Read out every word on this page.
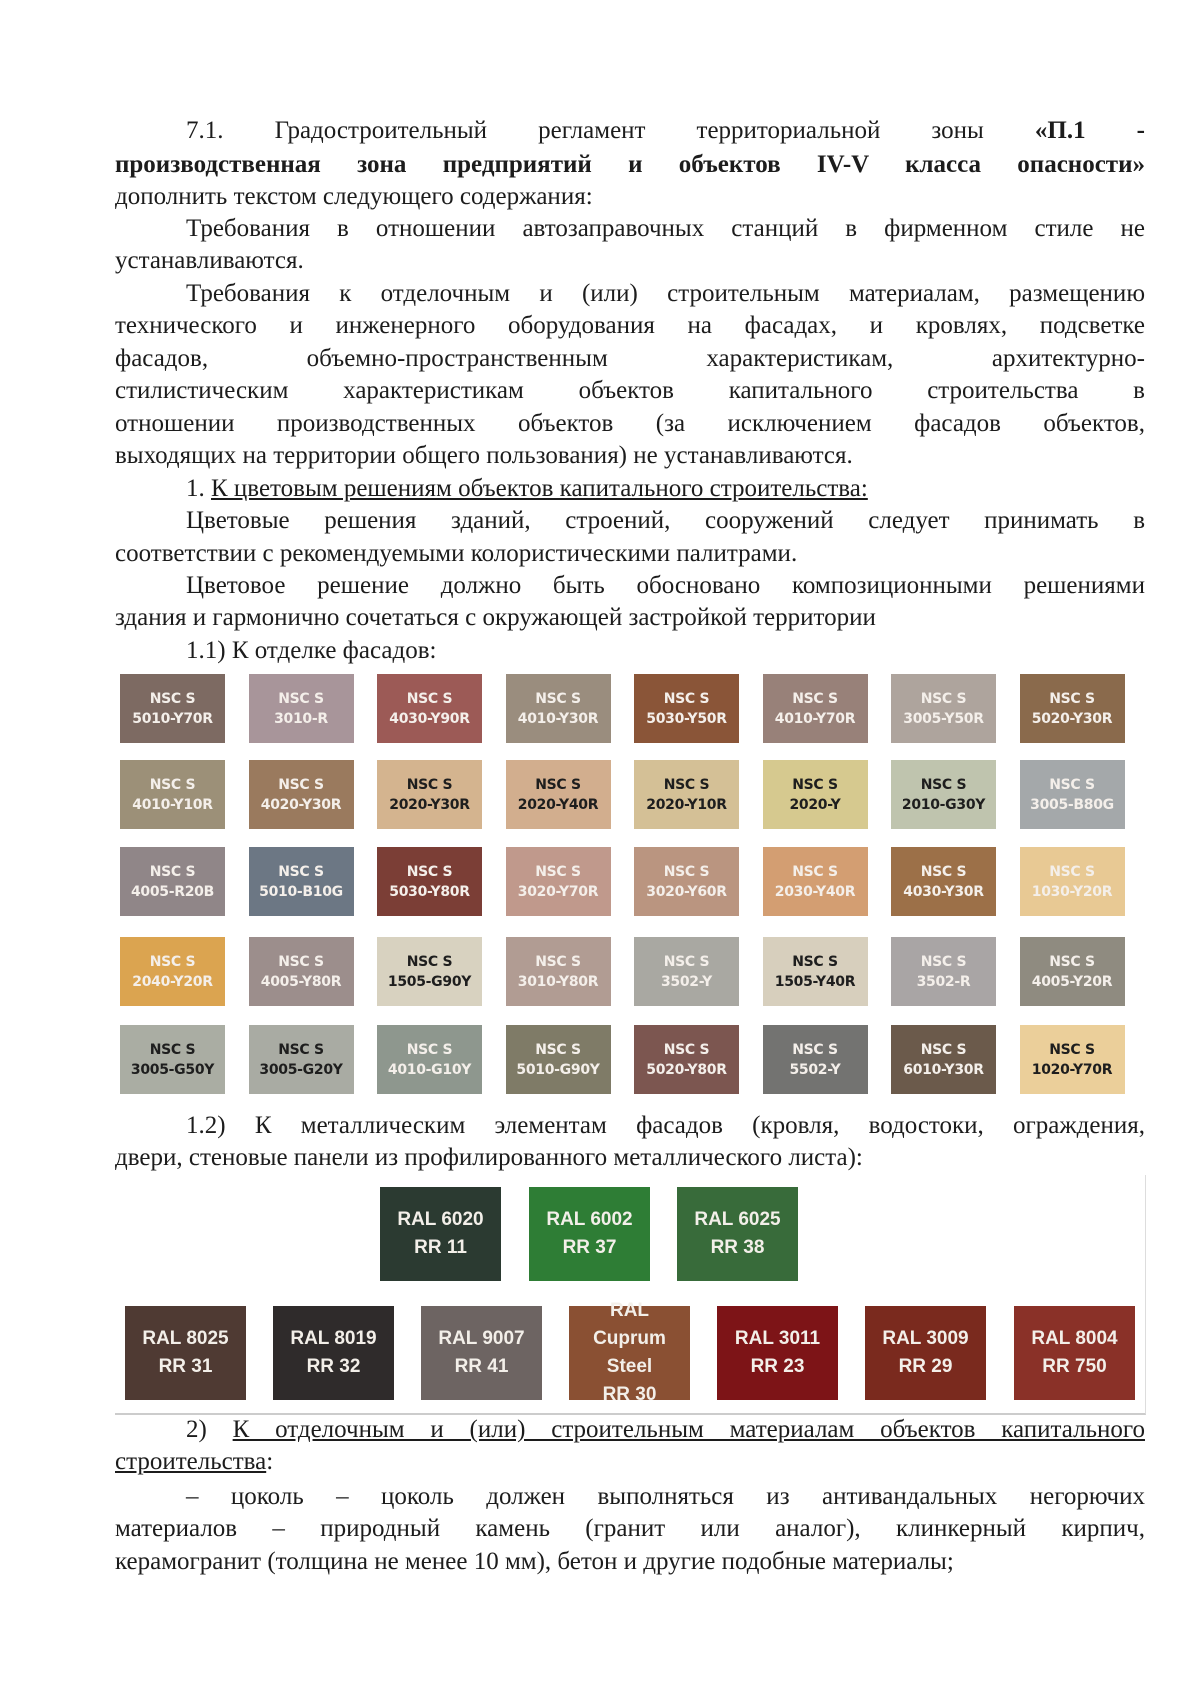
7.1. Градостроительный регламент территориальной зоны «П.1 -
производственная зона предприятий и объектов IV-V класса опасности»
дополнить текстом следующего содержания:
Требования в отношении автозаправочных станций в фирменном стиле не
устанавливаются.
Требования к отделочным и (или) строительным материалам, размещению
технического и инженерного оборудования на фасадах, и кровлях, подсветке
фасадов, объемно-пространственным характеристикам, архитектурно-
стилистическим характеристикам объектов капитального строительства в
отношении производственных объектов (за исключением фасадов объектов,
выходящих на территории общего пользования) не устанавливаются.
1. К цветовым решениям объектов капитального строительства:
Цветовые решения зданий, строений, сооружений следует принимать в
соответствии с рекомендуемыми колористическими палитрами.
Цветовое решение должно быть обосновано композиционными решениями
здания и гармонично сочетаться с окружающей застройкой территории
1.1) К отделке фасадов:
NSC S
5010-Y70R
NSC S
3010-R
NSC S
4030-Y90R
NSC S
4010-Y30R
NSC S
5030-Y50R
NSC S
4010-Y70R
NSC S
3005-Y50R
NSC S
5020-Y30R
NSC S
4010-Y10R
NSC S
4020-Y30R
NSC S
2020-Y30R
NSC S
2020-Y40R
NSC S
2020-Y10R
NSC S
2020-Y
NSC S
2010-G30Y
NSC S
3005-B80G
NSC S
4005-R20B
NSC S
5010-B10G
NSC S
5030-Y80R
NSC S
3020-Y70R
NSC S
3020-Y60R
NSC S
2030-Y40R
NSC S
4030-Y30R
NSC S
1030-Y20R
NSC S
2040-Y20R
NSC S
4005-Y80R
NSC S
1505-G90Y
NSC S
3010-Y80R
NSC S
3502-Y
NSC S
1505-Y40R
NSC S
3502-R
NSC S
4005-Y20R
NSC S
3005-G50Y
NSC S
3005-G20Y
NSC S
4010-G10Y
NSC S
5010-G90Y
NSC S
5020-Y80R
NSC S
5502-Y
NSC S
6010-Y30R
NSC S
1020-Y70R
1.2) К металлическим элементам фасадов (кровля, водостоки, ограждения,
двери, стеновые панели из профилированного металлического листа):
RAL 6020
RR 11
RAL 6002
RR 37
RAL 6025
RR 38
RAL 8025
RR 31
RAL 8019
RR 32
RAL 9007
RR 41
RAL
Cuprum Steel
RR 30
RAL 3011
RR 23
RAL 3009
RR 29
RAL 8004
RR 750
2) К отделочным и (или) строительным материалам объектов капитального
строительства:
– цоколь – цоколь должен выполняться из антивандальных негорючих
материалов – природный камень (гранит или аналог), клинкерный кирпич,
керамогранит (толщина не менее 10 мм), бетон и другие подобные материалы;
